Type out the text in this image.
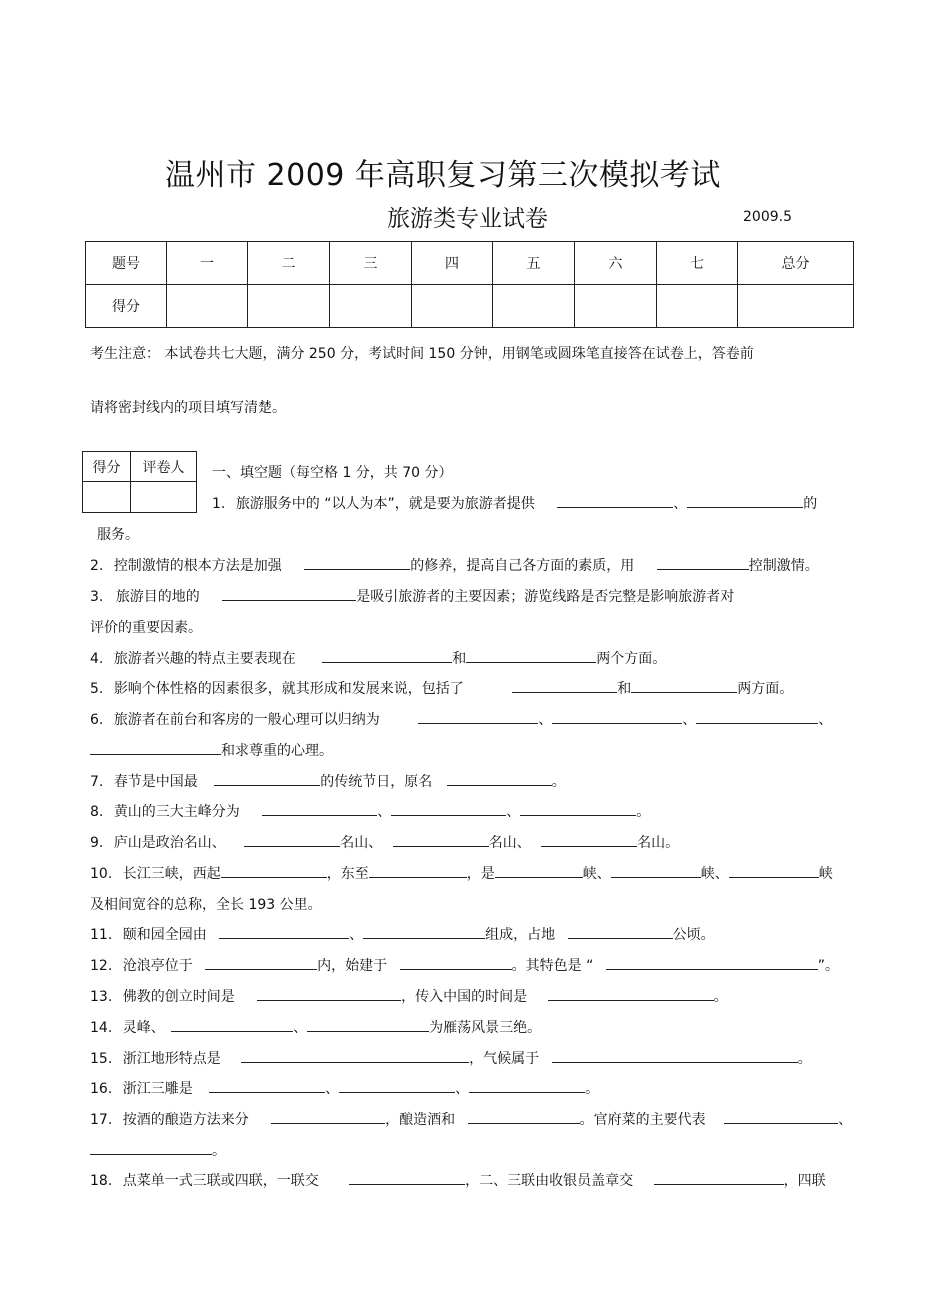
温州市 2009 年高职复习第三次模拟考试
旅游类专业试卷	2009.5
题号	一	二	三	四	五	六	七	总分
得分								
考生注意： 本试卷共七大题，满分 250 分，考试时间 150 分钟，用钢笔或圆珠笔直接答在试卷上，答卷前
请将密封线内的项目填写清楚。
得分	评卷人
	一、填空题（每空格 1 分，共 70 分）
1. 旅游服务中的 “以人为本”，就是要为旅游者提供	、	的
服务。
2. 控制激情的根本方法是加强	的修养，提高自己各方面的素质，用	控制激情。
3. 旅游目的地的	是吸引旅游者的主要因素；游览线路是否完整是影响旅游者对
评价的重要因素。
4. 旅游者兴趣的特点主要表现在	和	两个方面。
5. 影响个体性格的因素很多，就其形成和发展来说，包括了	和	两方面。
6. 旅游者在前台和客房的一般心理可以归纳为	、	、	、
和求尊重的心理。
7. 春节是中国最	的传统节日，原名	。
8. 黄山的三大主峰分为	、	、	。
9. 庐山是政治名山、	名山、	名山、	名山。
10. 长江三峡，西起	，东至	，是	峡、	峡、	峡
及相间宽谷的总称，全长 193 公里。
11. 颐和园全园由	、	组成，占地	公顷。
12. 沧浪亭位于	内，始建于	。其特色是 “	”。
13. 佛教的创立时间是	，传入中国的时间是	。
14. 灵峰、	、	为雁荡风景三绝。
15. 浙江地形特点是	，气候属于	。
16. 浙江三雕是	、	、	。
17. 按酒的酿造方法来分	，酿造酒和	。官府菜的主要代表	、
。
18. 点菜单一式三联或四联，一联交	，二、三联由收银员盖章交	，四联
